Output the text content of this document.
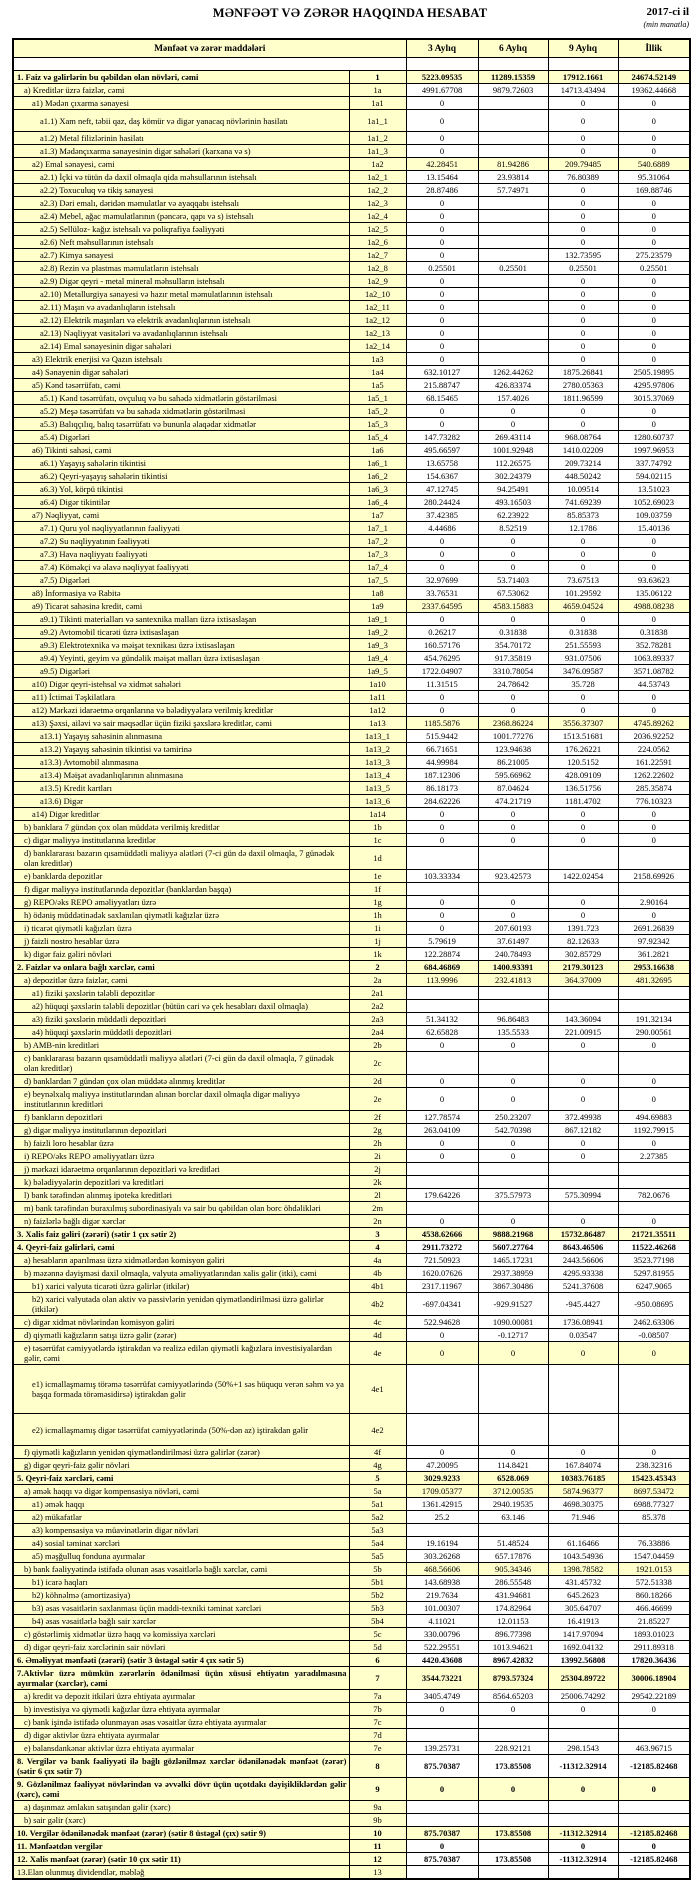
MƏNFƏƏT VƏ ZƏRƏR HAQQINDA HESABAT	2017-ci il
(min manatla)
Mənfəət və zərər maddələri		3 Aylıq	6 Aylıq	9 Aylıq	İllik

1. Faiz və gəlirlərin bu qəbildən olan növləri, cəmi	1	5223.09535	11289.15359	17912.1661	24674.52149
a) Kreditlər üzrə faizlər, cəmi	1a	4991.67708	9879.72603	14713.43494	19362.44668
a1) Mədən çıxarma sənayesi	1a1	0		0	0
a1.1) Xam neft, təbii qaz, daş kömür və digər yanacaq növlərinin hasilatı	1a1_1	0		0	0
a1.2) Metal filizlərinin hasilatı	1a1_2	0		0	0
a1.3) Mədənçıxarma sənayesinin digər sahələri (karxana və s)	1a1_3	0		0	0
a2) Emal sənayesi, cəmi	1a2	42.28451	81.94286	209.79485	540.6889
a2.1) İçki və tütün də daxil olmaqla qida məhsullarının istehsalı	1a2_1	13.15464	23.93814	76.80389	95.31064
a2.2) Toxuculuq və tikiş sənayesi	1a2_2	28.87486	57.74971	0	169.88746
a2.3) Dəri emalı, dəridən məmulatlar və ayaqqabı istehsalı	1a2_3	0		0	0
a2.4) Mebel, ağac məmulatlarının (pəncərə, qapı və s) istehsalı	1a2_4	0		0	0
a2.5) Sellüloz- kağız istehsalı və poliqrafiya fəaliyyəti	1a2_5	0		0	0
a2.6) Neft məhsullarının istehsalı	1a2_6	0		0	0
a2.7) Kimya sənayesi	1a2_7	0		132.73595	275.23579
a2.8) Rezin və plastmas məmulatların istehsalı	1a2_8	0.25501	0.25501	0.25501	0.25501
a2.9) Digər qeyri - metal mineral məhsulların istehsalı	1a2_9	0		0	0
a2.10) Metallurgiya sənayesi və hazır metal məmulatlarının istehsalı	1a2_10	0		0	0
a2.11) Maşın və avadanlıqların istehsalı	1a2_11	0		0	0
a2.12) Elektrik maşınları və elektrik avadanlıqlarının istehsalı	1a2_12	0		0	0
a2.13) Nəqliyyat vasitələri və avadanlıqlarının istehsalı	1a2_13	0		0	0
a2.14) Emal sənayesinin digər sahələri	1a2_14	0		0	0
a3) Elektrik enerjisi və Qazın istehsalı	1a3	0		0	0
a4) Sənayenin digər sahələri	1a4	632.10127	1262.44262	1875.26841	2505.19895
a5) Kənd təsərrüfatı, cəmi	1a5	215.88747	426.83374	2780.05363	4295.97806
a5.1) Kənd təsərrüfatı, ovçuluq və bu sahədə xidmətlərin göstərilməsi	1a5_1	68.15465	157.4026	1811.96599	3015.37069
a5.2) Meşə təsərrüfatı və bu sahədə xidmətlərin göstərilməsi	1a5_2	0	0	0	0
a5.3) Balıqçılıq, balıq təsərrüfatı və bununla əlaqədar xidmətlər	1a5_3	0	0	0	0
a5.4) Digərləri	1a5_4	147.73282	269.43114	968.08764	1280.60737
a6) Tikinti sahəsi, cəmi	1a6	495.66597	1001.92948	1410.02209	1997.96953
a6.1) Yaşayış sahələrin tikintisi	1a6_1	13.65758	112.26575	209.73214	337.74792
a6.2) Qeyri-yaşayış sahələrin tikintisi	1a6_2	154.6367	302.24379	448.50242	594.02115
a6.3) Yol, körpü tikintisi	1a6_3	47.12745	94.25491	10.09514	13.51023
a6.4) Digər tikintilər	1a6_4	280.24424	493.16503	741.69239	1052.69023
a7) Nəqliyyat, cəmi	1a7	37.42385	62.23922	85.85373	109.03759
a7.1) Quru yol nəqliyyatlarının fəaliyyəti	1a7_1	4.44686	8.52519	12.1786	15.40136
a7.2) Su nəqliyyatının fəaliyyəti	1a7_2	0	0	0	0
a7.3) Hava nəqliyyatı fəaliyyəti	1a7_3	0	0	0	0
a7.4) Köməkçi və əlavə nəqliyyat fəaliyyəti	1a7_4	0	0	0	0
a7.5) Digərləri	1a7_5	32.97699	53.71403	73.67513	93.63623
a8) İnformasiya və Rabitə	1a8	33.76531	67.53062	101.29592	135.06122
a9) Ticarət sahəsinə kredit, cəmi	1a9	2337.64595	4583.15883	4659.04524	4988.08238
a9.1) Tikinti materialları və santexnika malları üzrə ixtisaslaşan	1a9_1	0	0	0	0
a9.2) Avtomobil ticarəti üzrə ixtisaslaşan	1a9_2	0.26217	0.31838	0.31838	0.31838
a9.3) Elektrotexnika və məişət texnikası üzrə ixtisaslaşan	1a9_3	160.57176	354.70172	251.55593	352.78281
a9.4) Yeyinti, geyim və gündəlik məişət malları üzrə ixtisaslaşan	1a9_4	454.76295	917.35819	931.07506	1063.89337
a9.5) Digərləri	1a9_5	1722.04907	3310.78054	3476.09587	3571.08782
a10) Digər qeyri-istehsal və xidmət sahələri	1a10	11.31515	24.78642	35.728	44.53743
a11) İctimai Təşkilatlara	1a11	0	0	0	0
a12) Mərkəzi idarəetmə orqanlarına və bələdiyyələrə verilmiş kreditlər	1a12	0	0	0	0
a13) Şəxsi, ailəvi və sair məqsədlər üçün fiziki şəxslərə kreditlər, cəmi	1a13	1185.5876	2368.86224	3556.37307	4745.89262
a13.1) Yaşayış sahəsinin alınmasına	1a13_1	515.9442	1001.77276	1513.51681	2036.92252
a13.2) Yaşayış sahəsinin tikintisi və təmirinə	1a13_2	66.71651	123.94638	176.26221	224.0562
a13.3) Avtomobil alınmasına	1a13_3	44.99984	86.21005	120.5152	161.22591
a13.4) Məişət avadanlıqlarının alınmasına	1a13_4	187.12306	595.66962	428.09109	1262.22602
a13.5) Kredit kartları	1a13_5	86.18173	87.04624	136.51756	285.35874
a13.6) Digər	1a13_6	284.62226	474.21719	1181.4702	776.10323
a14) Digər kreditlər	1a14	0	0	0	0
b) banklara 7 gündən çox olan müddətə verilmiş kreditlər	1b	0	0	0	0
c) digər maliyyə institutlarına kreditlər	1c	0	0	0	0
d) banklararası bazarın qısamüddətli maliyyə alətləri (7-ci gün də daxil olmaqla, 7 günədək olan kreditlər)	1d				
e) banklarda depozitlər	1e	103.33334	923.42573	1422.02454	2158.69926
f) digər maliyyə institutlarında depozitlər (banklardan başqa)	1f				
g) REPO/əks REPO əməliyyatları üzrə	1g	0	0	0	2.90164
h) ödəniş müddətinədək saxlanılan qiymətli kağızlar üzrə	1h	0	0	0	0
i) ticarət qiymətli kağızları üzrə	1i	0	207.60193	1391.723	2691.26839
j) faizli nostro hesablar üzrə	1j	5.79619	37.61497	82.12633	97.92342
k) digər faiz gəliri növləri	1k	122.28874	240.78493	302.85729	361.2821
2. Faizlər və onlara bağlı xərclər, cəmi	2	684.46869	1400.93391	2179.30123	2953.16638
a) depozitlər üzrə faizlər, cəmi	2a	113.9996	232.41813	364.37009	481.32695
a1) fiziki şəxslərin tələbli depozitlər	2a1				
a2) hüquqi şəxslərin tələbli depozitlər (bütün cari və çek hesabları daxil olmaqla)	2a2				
a3) fiziki şəxslərin müddətli depozitləri	2a3	51.34132	96.86483	143.36094	191.32134
a4) hüquqi şəxslərin müddətli depozitləri	2a4	62.65828	135.5533	221.00915	290.00561
b) AMB-nin kreditləri	2b	0	0	0	0
c) banklararası bazarın qısamüddətli maliyyə alətləri (7-ci gün də daxil olmaqla, 7 günədək olan kreditlər)	2c				
d) banklardan 7 gündən çox olan müddətə alınmış kreditlər	2d	0	0	0	0
e) beynəlxalq maliyyə institutlarından alınan borclar daxil olmaqla digər maliyyə institutlarının kreditləri	2e	0	0	0	0
f) bankların depozitləri	2f	127.78574	250.23207	372.49938	494.69883
g) digər maliyyə institutlarının depozitləri	2g	263.04109	542.70398	867.12182	1192.79915
h) faizli loro hesablar üzrə	2h	0	0	0	0
i) REPO/əks REPO əməliyyatları üzrə	2i	0	0	0	2.27385
j) mərkəzi idarəetmə orqanlarının depozitləri və kreditləri	2j				
k) bələdiyyələrin depozitləri və kreditləri	2k				
l) bank tərəfindən alınmış ipoteka kreditləri	2l	179.64226	375.57973	575.30994	782.0676
m) bank tərəfindən buraxılmış subordinasiyalı və sair bu qəbildən olan borc öhdəlikləri	2m				
n) faizlərlə bağlı digər xərclər	2n	0	0	0	0
3. Xalis faiz gəliri (zərəri) (sətir 1 çıx sətir 2)	3	4538.62666	9888.21968	15732.86487	21721.35511
4. Qeyri-faiz gəlirləri, cəmi	4	2911.73272	5607.27764	8643.46506	11522.46268
a) hesabların aparılması üzrə xidmətlərdən komisyon gəliri	4a	721.50923	1465.17231	2443.56606	3523.77198
b) məzənnə dəyişməsi daxil olmaqla, valyuta əməliyyatlarından xalis gəlir (itki), cəmi	4b	1620.07626	2937.38959	4295.93338	5297.81955
b1) xarici valyuta ticarəti üzrə gəlirlər (itkilər)	4b1	2317.11967	3867.30486	5241.37608	6247.9065
b2) xarici valyutada olan aktiv və passivlərin yenidən qiymətləndirilməsi üzrə gəlirlər (itkilər)	4b2	-697.04341	-929.91527	-945.4427	-950.08695
c) digər xidmət növlərindən komisyon gəliri	4c	522.94628	1090.00081	1736.08941	2462.63306
d) qiymətli kağızların satışı üzrə gəlir (zərər)	4d	0	-0.12717	0.03547	-0.08507
e) təsərrüfat cəmiyyətlərdə iştirakdan və realizə edilən qiymətli kağızlara investisiyalardan gəlir, cəmi	4e	0	0	0	0
e1) icmallaşmamış törəmə təsərrüfat cəmiyyətlərində (50%+1 səs hüququ verən səhm və ya başqa formada törəməsidirsə) iştirakdan gəlir	4e1				
e2) icmallaşmamış digər təsərrüfat cəmiyyətlərində (50%-dən az) iştirakdan gəlir	4e2				
f) qiymətli kağızların yenidən qiymətləndirilməsi üzrə gəlirlər (zərər)	4f	0	0	0	0
g) digər qeyri-faiz gəlir növləri	4g	47.20095	114.8421	167.84074	238.32316
5. Qeyri-faiz xərcləri, cəmi	5	3029.9233	6528.069	10383.76185	15423.45343
a) əmək haqqı və digər kompensasiya növləri, cəmi	5a	1709.05377	3712.00535	5874.96377	8697.53472
a1) əmək haqqı	5a1	1361.42915	2940.19535	4698.30375	6988.77327
a2) mükafatlar	5a2	25.2	63.146	71.946	85.378
a3) kompensasiya və müavinətlərin digər növləri	5a3				
a4) sosial təminat xərcləri	5a4	19.16194	51.48524	61.16466	76.33886
a5) məşğulluq fonduna ayırmalar	5a5	303.26268	657.17876	1043.54936	1547.04459
b) bank fəaliyyətində istifadə olunan əsas vəsaitlərlə bağlı xərclər, cəmi	5b	468.56606	905.34346	1398.78582	1921.0153
b1) icarə haqları	5b1	143.68938	286.55548	431.45732	572.51338
b2) köhnəlmə (amortizasiya)	5b2	219.7634	431.94681	645.2623	860.18266
b3) əsas vəsaitlərin saxlanması üçün maddi-texniki təminat xərcləri	5b3	101.00307	174.82964	305.64707	466.46699
b4) əsas vəsaitlərlə bağlı sair xərclər	5b4	4.11021	12.01153	16.41913	21.85227
c) göstərlimiş xidmətlər üzrə haqq və komissiya xərcləri	5c	330.00796	896.77398	1417.97094	1893.01023
d) digər qeyri-faiz xərclərinin sair növləri	5d	522.29551	1013.94621	1692.04132	2911.89318
6. Əməliyyat mənfəəti (zərəri) (sətir 3 üstəgəl sətir 4 çıx sətir 5)	6	4420.43608	8967.42832	13992.56808	17820.36436
7.Aktivlər üzrə mümkün zərərlərin ödənilməsi üçün xüsusi ehtiyatın yaradılmasına ayırmalar (xərclər), cəmi	7	3544.73221	8793.57324	25304.89722	30006.18904
a) kredit və depozit itkiləri üzrə ehtiyata ayırmalar	7a	3405.4749	8564.65203	25006.74292	29542.22189
b) investisiya və qiymətli kağızlar üzrə ehtiyata ayırmalar	7b	0	0	0	0
c) bank işində istifadə olunmayan əsas vəsaitlər üzrə ehtiyata ayırmalar	7c				
d) digər aktivlər üzrə ehtiyata ayırmalar	7d				
e) balansdankənar aktivlər üzrə ehtiyata ayırmalar	7e	139.25731	228.92121	298.1543	463.96715
8. Vergilər və bank fəaliyyəti ilə bağlı gözlənilməz xərclər ödənilənədək mənfəət (zərər) (sətir 6 çıx sətir 7)	8	875.70387	173.85508	-11312.32914	-12185.82468
9. Gözlənilməz fəaliyyət növlərindən və əvvəlki dövr üçün uçotdakı dəyişikliklərdən gəlir (xərc), cəmi	9	0	0	0	0
a) daşınmaz əmlakın satışından gəlir (xərc)	9a				
b) sair gəlir (xərc)	9b				
10. Vergilər ödənilənədək mənfəət (zərər) (sətir 8 üstəgəl (çıx) sətir 9)	10	875.70387	173.85508	-11312.32914	-12185.82468
11. Mənfəətdən vergilər	11	0		0	0
12. Xalis mənfəət (zərər) (sətir 10 çıx sətir 11)	12	875.70387	173.85508	-11312.32914	-12185.82468
13.Elan olunmuş dividendlər, məbləğ	13				
